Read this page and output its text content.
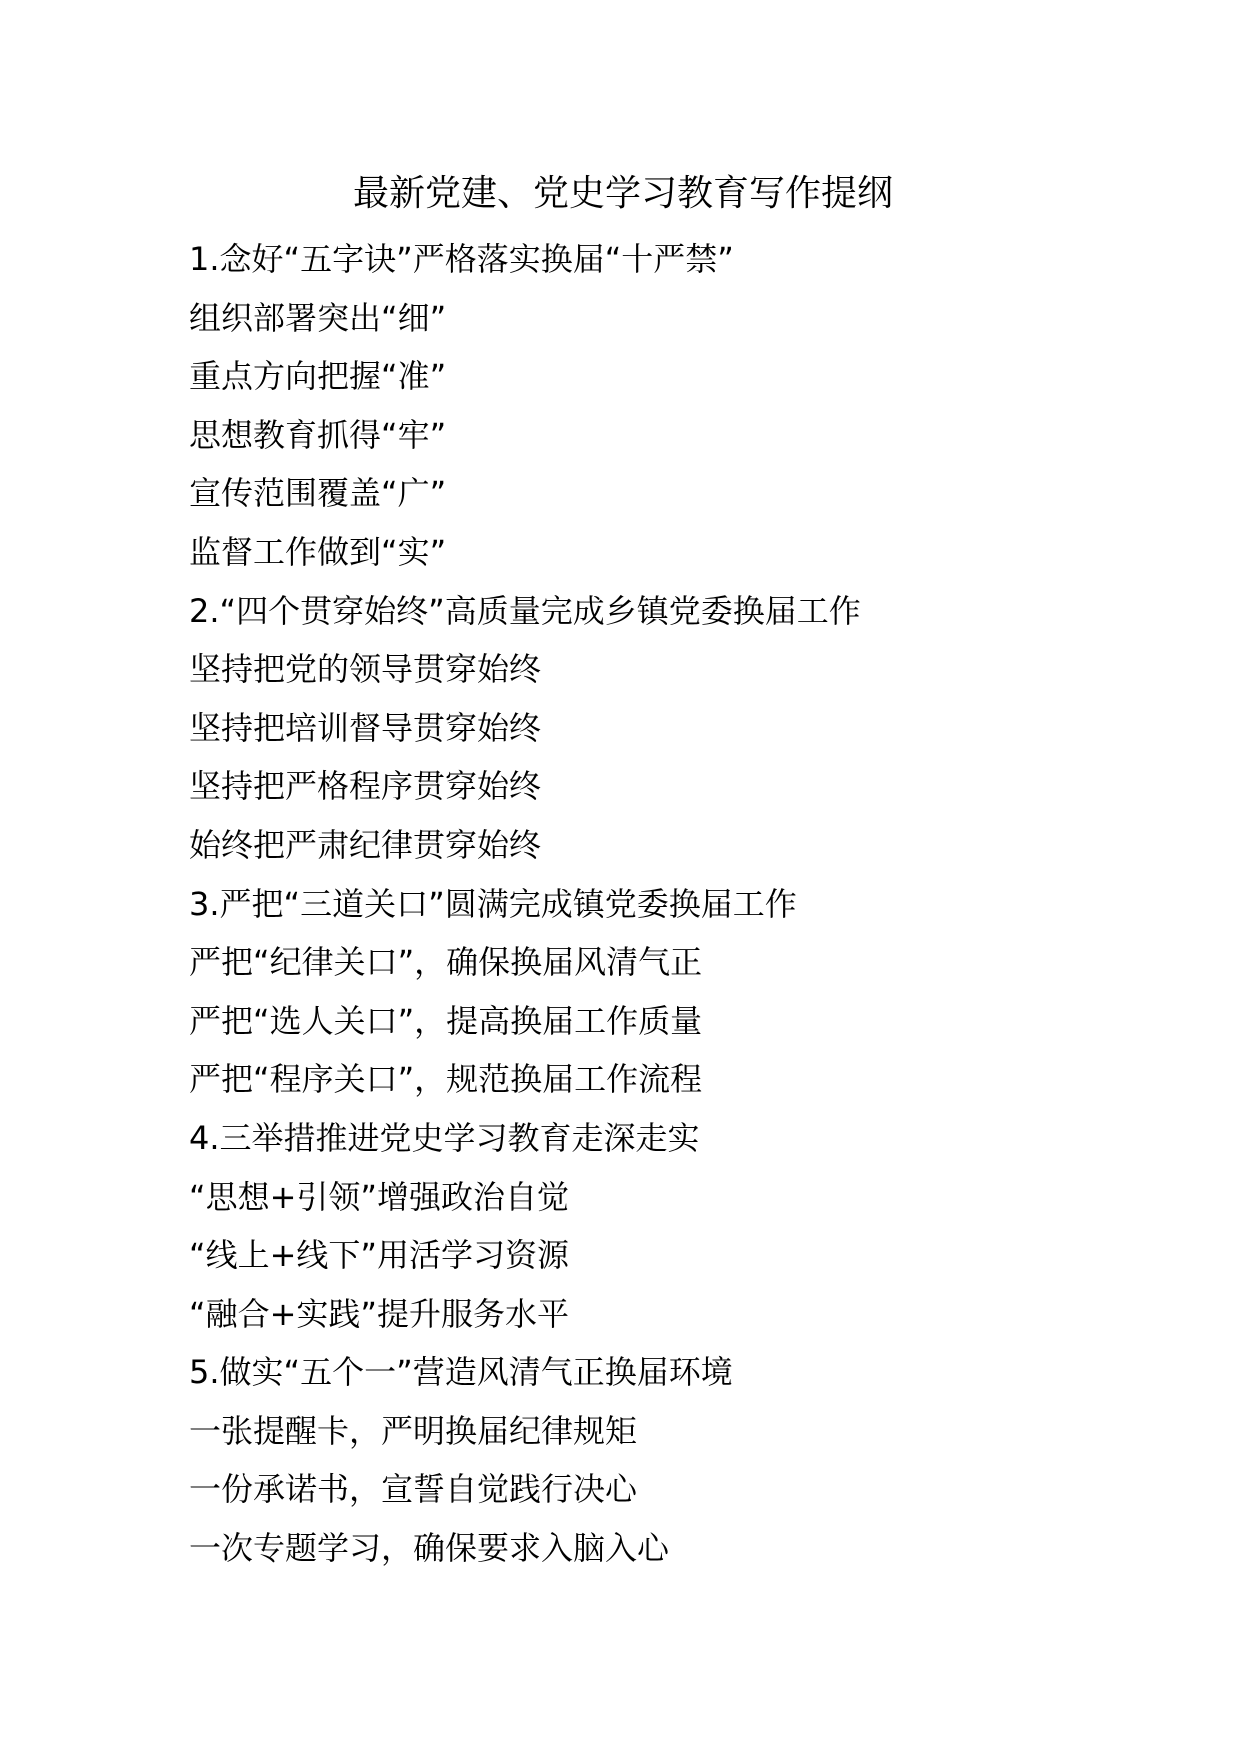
最新党建、党史学习教育写作提纲
1.念好“五字诀”严格落实换届“十严禁”
组织部署突出“细”
重点方向把握“准”
思想教育抓得“牢”
宣传范围覆盖“广”
监督工作做到“实”
2.“四个贯穿始终”高质量完成乡镇党委换届工作
坚持把党的领导贯穿始终
坚持把培训督导贯穿始终
坚持把严格程序贯穿始终
始终把严肃纪律贯穿始终
3.严把“三道关口”圆满完成镇党委换届工作
严把“纪律关口”，确保换届风清气正
严把“选人关口”，提高换届工作质量
严把“程序关口”，规范换届工作流程
4.三举措推进党史学习教育走深走实
“思想+引领”增强政治自觉
“线上+线下”用活学习资源
“融合+实践”提升服务水平
5.做实“五个一”营造风清气正换届环境
一张提醒卡，严明换届纪律规矩
一份承诺书，宣誓自觉践行决心
一次专题学习，确保要求入脑入心
